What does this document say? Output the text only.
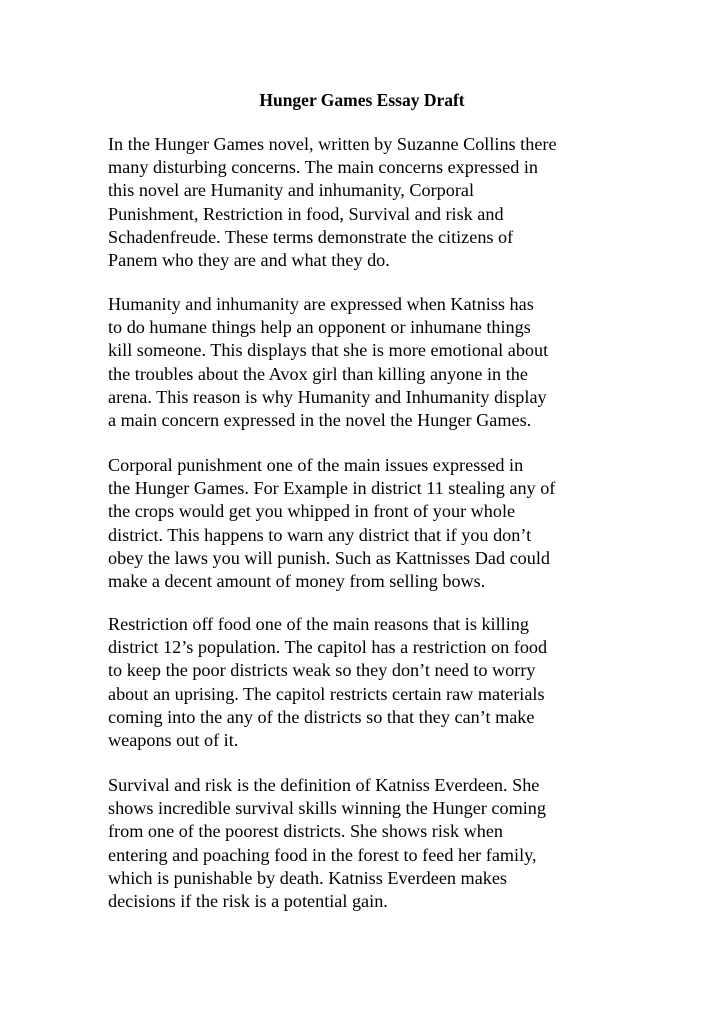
Hunger Games Essay Draft

In the Hunger Games novel, written by Suzanne Collins there
many disturbing concerns. The main concerns expressed in
this novel are Humanity and inhumanity, Corporal
Punishment, Restriction in food, Survival and risk and
Schadenfreude. These terms demonstrate the citizens of
Panem who they are and what they do.

Humanity and inhumanity are expressed when Katniss has
to do humane things help an opponent or inhumane things
kill someone. This displays that she is more emotional about
the troubles about the Avox girl than killing anyone in the
arena. This reason is why Humanity and Inhumanity display
a main concern expressed in the novel the Hunger Games.

Corporal punishment one of the main issues expressed in
the Hunger Games. For Example in district 11 stealing any of
the crops would get you whipped in front of your whole
district. This happens to warn any district that if you don’t
obey the laws you will punish. Such as Kattnisses Dad could
make a decent amount of money from selling bows.

Restriction off food one of the main reasons that is killing
district 12’s population. The capitol has a restriction on food
to keep the poor districts weak so they don’t need to worry
about an uprising. The capitol restricts certain raw materials
coming into the any of the districts so that they can’t make
weapons out of it.

Survival and risk is the definition of Katniss Everdeen. She
shows incredible survival skills winning the Hunger coming
from one of the poorest districts. She shows risk when
entering and poaching food in the forest to feed her family,
which is punishable by death. Katniss Everdeen makes
decisions if the risk is a potential gain.
